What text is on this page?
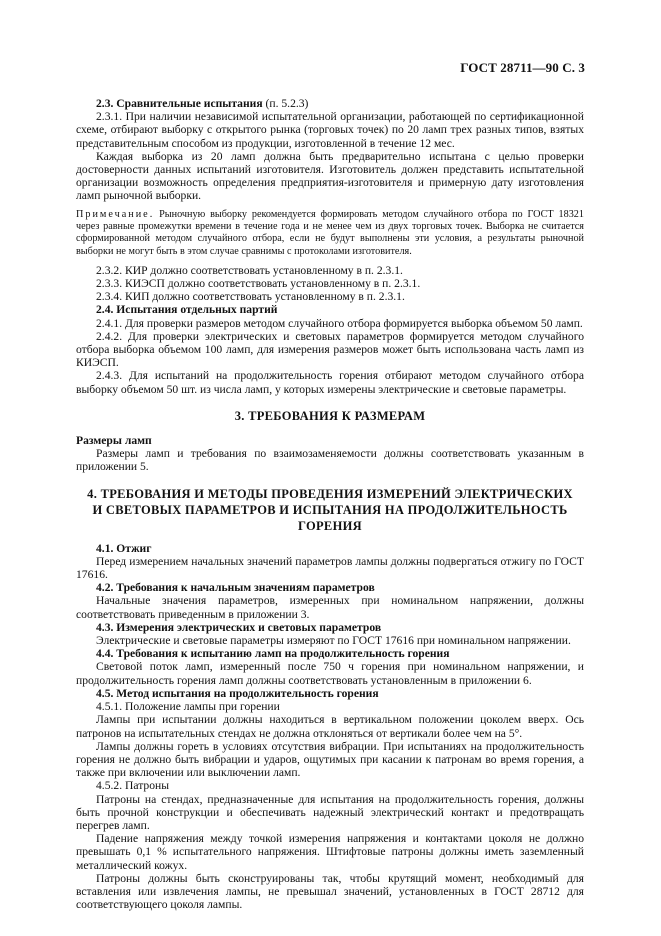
ГОСТ 28711—90 С. 3

2.3. Сравнительные испытания (п. 5.2.3)

2.3.1. При наличии независимой испытательной организации, работающей по сертификационной схеме, отбирают выборку с открытого рынка (торговых точек) по 20 ламп трех разных типов, взятых представительным способом из продукции, изготовленной в течение 12 мес.

Каждая выборка из 20 ламп должна быть предварительно испытана с целью проверки достоверности данных испытаний изготовителя. Изготовитель должен представить испытательной организации возможность определения предприятия-изготовителя и примерную дату изготовления ламп рыночной выборки.

Примечание. Рыночную выборку рекомендуется формировать методом случайного отбора по ГОСТ 18321 через равные промежутки времени в течение года и не менее чем из двух торговых точек. Выборка не считается сформированной методом случайного отбора, если не будут выполнены эти условия, а результаты рыночной выборки не могут быть в этом случае сравнимы с протоколами изготовителя.

2.3.2. КИР должно соответствовать установленному в п. 2.3.1.

2.3.3. КИЭСП должно соответствовать установленному в п. 2.3.1.

2.3.4. КИП должно соответствовать установленному в п. 2.3.1.

2.4. Испытания отдельных партий

2.4.1. Для проверки размеров методом случайного отбора формируется выборка объемом 50 ламп.

2.4.2. Для проверки электрических и световых параметров формируется методом случайного отбора выборка объемом 100 ламп, для измерения размеров может быть использована часть ламп из КИЭСП.

2.4.3. Для испытаний на продолжительность горения отбирают методом случайного отбора выборку объемом 50 шт. из числа ламп, у которых измерены электрические и световые параметры.

3. ТРЕБОВАНИЯ К РАЗМЕРАМ

Размеры ламп

Размеры ламп и требования по взаимозаменяемости должны соответствовать указанным в приложении 5.

4. ТРЕБОВАНИЯ И МЕТОДЫ ПРОВЕДЕНИЯ ИЗМЕРЕНИЙ ЭЛЕКТРИЧЕСКИХ
И СВЕТОВЫХ ПАРАМЕТРОВ И ИСПЫТАНИЯ НА ПРОДОЛЖИТЕЛЬНОСТЬ ГОРЕНИЯ

4.1. Отжиг

Перед измерением начальных значений параметров лампы должны подвергаться отжигу по ГОСТ 17616.

4.2. Требования к начальным значениям параметров

Начальные значения параметров, измеренных при номинальном напряжении, должны соответствовать приведенным в приложении 3.

4.3. Измерения электрических и световых параметров

Электрические и световые параметры измеряют по ГОСТ 17616 при номинальном напряжении.

4.4. Требования к испытанию ламп на продолжительность горения

Световой поток ламп, измеренный после 750 ч горения при номинальном напряжении, и продолжительность горения ламп должны соответствовать установленным в приложении 6.

4.5. Метод испытания на продолжительность горения

4.5.1. Положение лампы при горении

Лампы при испытании должны находиться в вертикальном положении цоколем вверх. Ось патронов на испытательных стендах не должна отклоняться от вертикали более чем на 5°.

Лампы должны гореть в условиях отсутствия вибрации. При испытаниях на продолжительность горения не должно быть вибрации и ударов, ощутимых при касании к патронам во время горения, а также при включении или выключении ламп.

4.5.2. Патроны

Патроны на стендах, предназначенные для испытания на продолжительность горения, должны быть прочной конструкции и обеспечивать надежный электрический контакт и предотвращать перегрев ламп.

Падение напряжения между точкой измерения напряжения и контактами цоколя не должно превышать 0,1 % испытательного напряжения. Штифтовые патроны должны иметь заземленный металлический кожух.

Патроны должны быть сконструированы так, чтобы крутящий момент, необходимый для вставления или извлечения лампы, не превышал значений, установленных в ГОСТ 28712 для соответствующего цоколя лампы.
